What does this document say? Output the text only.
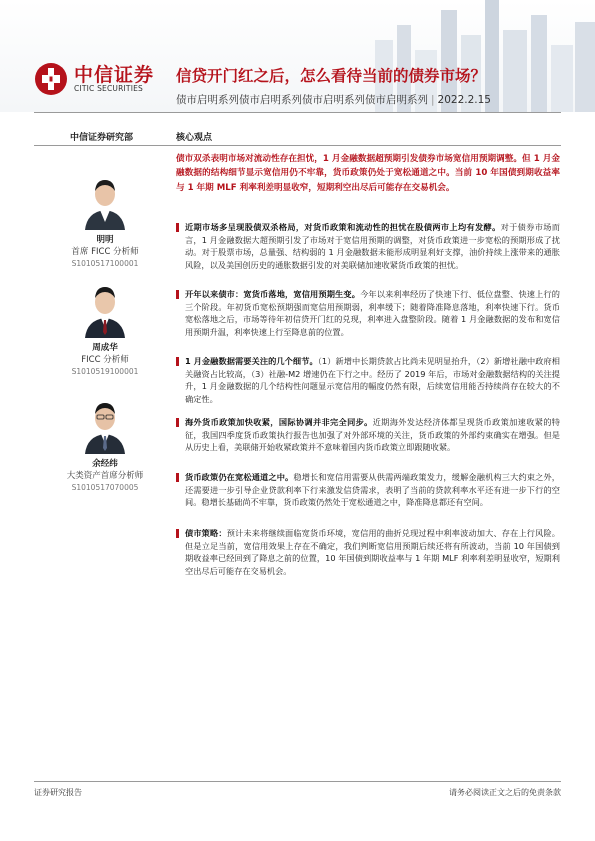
中信证券
CITIC SECURITIES
信贷开门红之后，怎么看待当前的债券市场？
债市启明系列债市启明系列债市启明系列债市启明系列 | 2022.2.15
中信证券研究部	核心观点
明明
首席 FICC 分析师
S1010517100001
周成华
FICC 分析师
S1010519100001
余经纬
大类资产首席分析师
S1010517070005
债市双杀表明市场对流动性存在担忧，1 月金融数据超预期引发债券市场宽信用预期调整。但 1 月金融数据的结构细节显示宽信用仍不牢靠，货币政策仍处于宽松通道之中。当前 10 年国债到期收益率与 1 年期 MLF 利率利差明显收窄，短期利空出尽后可能存在交易机会。
近期市场多呈现股债双杀格局，对货币政策和流动性的担忧在股债两市上均有发酵。对于债券市场而言，1 月金融数据大超预期引发了市场对于宽信用预期的调整，对货币政策进一步宽松的预期形成了扰动。对于股票市场，总量强、结构弱的 1 月金融数据未能形成明显利好支撑，油价持续上涨带来的通胀风险，以及美国创历史的通胀数据引发的对美联储加速收紧货币政策的担忧。
开年以来债市：宽货币落地，宽信用预期生变。今年以来利率经历了快速下行、低位盘整、快速上行的三个阶段。年初货币宽松预期强而宽信用预期弱，利率缓下；随着降准降息落地，利率快速下行。货币宽松落地之后，市场等待年初信贷开门红的兑现，利率进入盘整阶段。随着 1 月金融数据的发布和宽信用预期升温，利率快速上行至降息前的位置。
1 月金融数据需要关注的几个细节。（1）新增中长期贷款占比尚未见明显抬升，（2）新增社融中政府相关融资占比较高，（3）社融-M2 增速仍在下行之中。经历了 2019 年后，市场对金融数据结构的关注提升，1 月金融数据的几个结构性问题显示宽信用的幅度仍然有限，后续宽信用能否持续尚存在较大的不确定性。
海外货币政策加快收紧，国际协调并非完全同步。近期海外发达经济体都呈现货币政策加速收紧的特征，我国四季度货币政策执行报告也加强了对外部环境的关注，货币政策的外部约束确实在增强。但是从历史上看，美联储开始收紧政策并不意味着国内货币政策立即跟随收紧。
货币政策仍在宽松通道之中。稳增长和宽信用需要从供需两端政策发力，缓解金融机构三大约束之外，还需要进一步引导企业贷款利率下行来激发信贷需求，表明了当前的贷款利率水平还有进一步下行的空间。稳增长基础尚不牢靠，货币政策仍然处于宽松通道之中，降准降息都还有空间。
债市策略：预计未来将继续面临宽货币环境，宽信用的曲折兑现过程中利率波动加大、存在上行风险。但是立足当前，宽信用效果上存在不确定，我们判断宽信用预期后续还将有所波动，当前 10 年国债到期收益率已经回到了降息之前的位置，10 年国债到期收益率与 1 年期 MLF 利率利差明显收窄，短期利空出尽后可能存在交易机会。
证券研究报告	请务必阅读正文之后的免责条款
